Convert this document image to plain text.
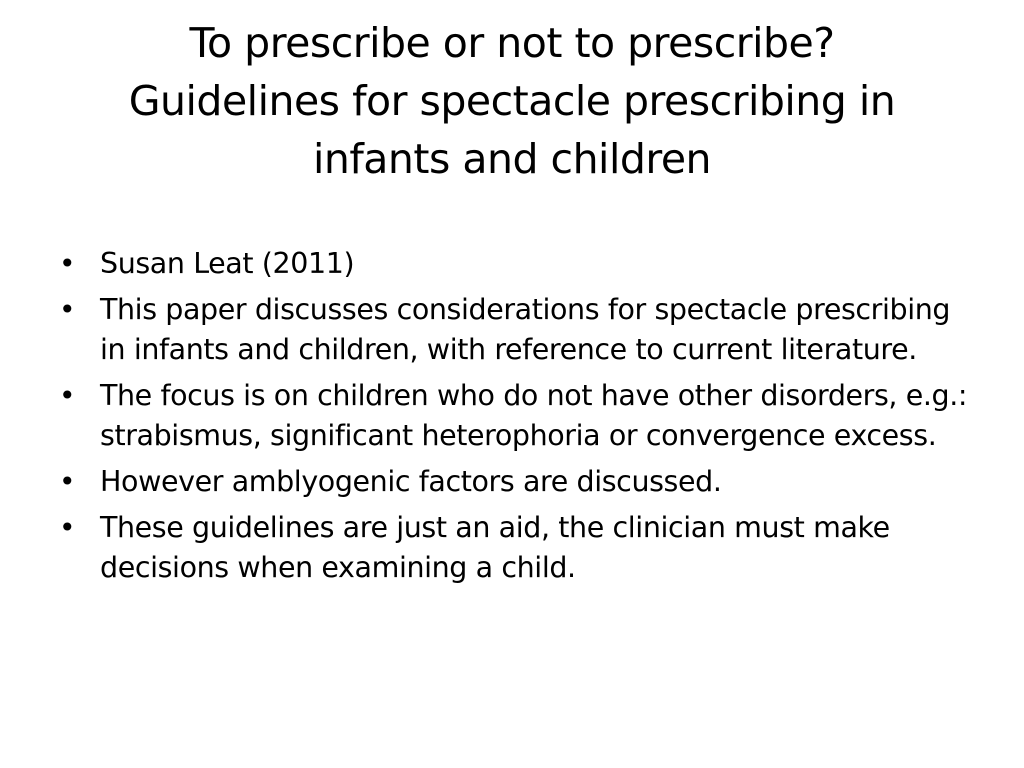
To prescribe or not to prescribe?
Guidelines for spectacle prescribing in
infants and children
• Susan Leat (2011)
• This paper discusses considerations for spectacle prescribing in infants and children, with reference to current literature.
• The focus is on children who do not have other disorders, e.g.: strabismus, significant heterophoria or convergence excess.
• However amblyogenic factors are discussed.
• These guidelines are just an aid, the clinician must make decisions when examining a child.
